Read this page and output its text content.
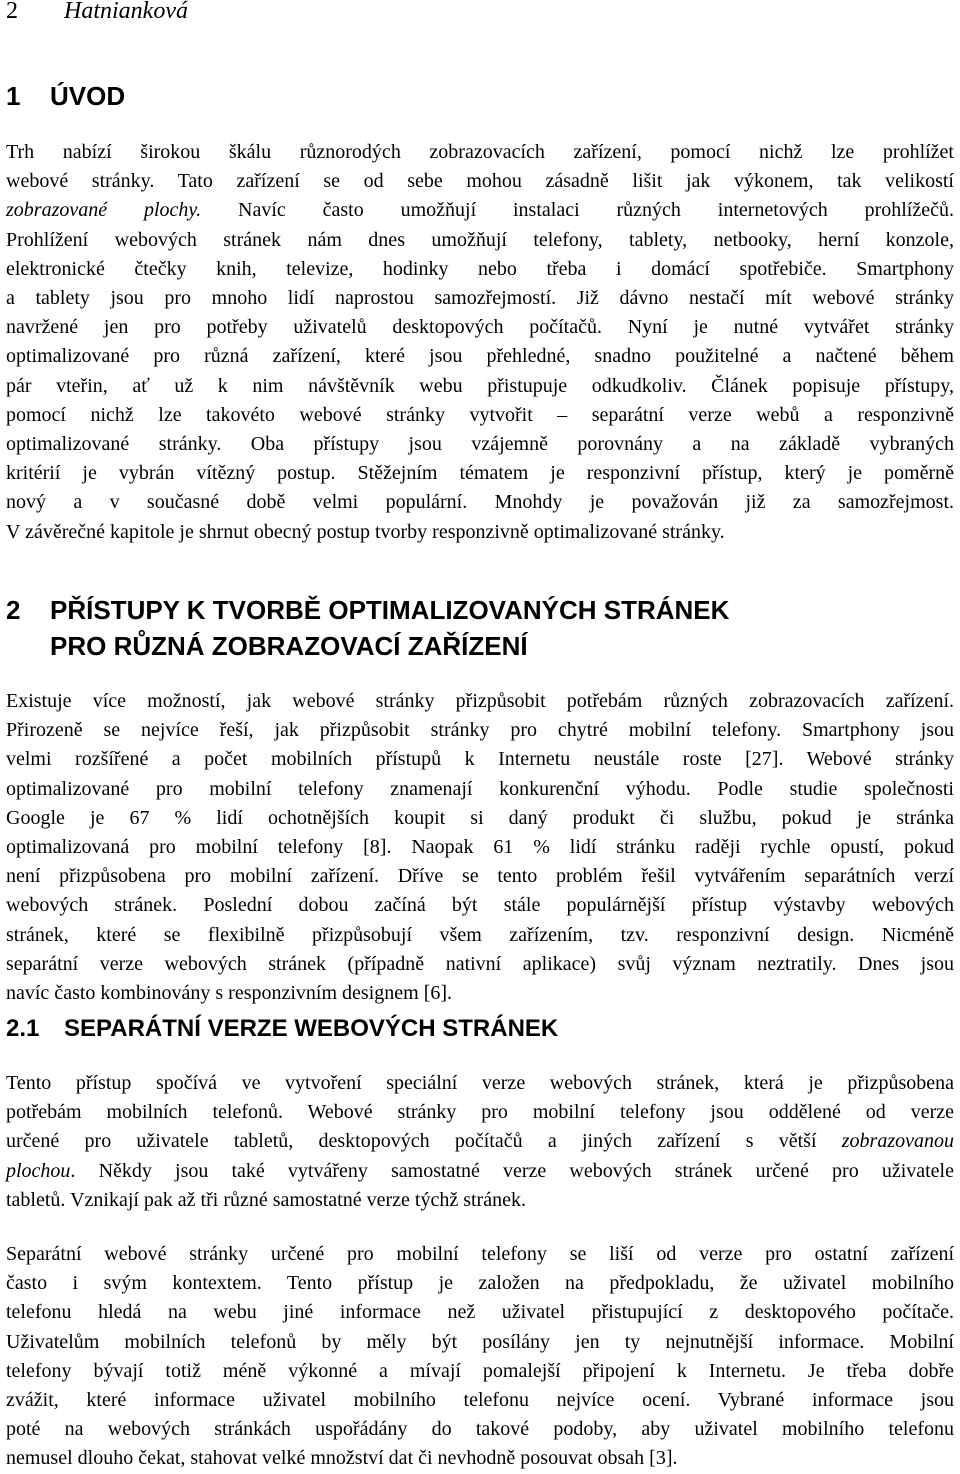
2 Hatnianková
1 ÚVOD
Trh nabízí širokou škálu různorodých zobrazovacích zařízení, pomocí nichž lze prohlížet
webové stránky. Tato zařízení se od sebe mohou zásadně lišit jak výkonem, tak velikostí
zobrazované plochy. Navíc často umožňují instalaci různých internetových prohlížečů.
Prohlížení webových stránek nám dnes umožňují telefony, tablety, netbooky, herní konzole,
elektronické čtečky knih, televize, hodinky nebo třeba i domácí spotřebiče. Smartphony
a tablety jsou pro mnoho lidí naprostou samozřejmostí. Již dávno nestačí mít webové stránky
navržené jen pro potřeby uživatelů desktopových počítačů. Nyní je nutné vytvářet stránky
optimalizované pro různá zařízení, které jsou přehledné, snadno použitelné a načtené během
pár vteřin, ať už k nim návštěvník webu přistupuje odkudkoliv. Článek popisuje přístupy,
pomocí nichž lze takovéto webové stránky vytvořit – separátní verze webů a responzivně
optimalizované stránky. Oba přístupy jsou vzájemně porovnány a na základě vybraných
kritérií je vybrán vítězný postup. Stěžejním tématem je responzivní přístup, který je poměrně
nový a v současné době velmi populární. Mnohdy je považován již za samozřejmost.
V závěrečné kapitole je shrnut obecný postup tvorby responzivně optimalizované stránky.
2	PŘÍSTUPY K TVORBĚ OPTIMALIZOVANÝCH STRÁNEK
PRO RŮZNÁ ZOBRAZOVACÍ ZAŘÍZENÍ
Existuje více možností, jak webové stránky přizpůsobit potřebám různých zobrazovacích zařízení.
Přirozeně se nejvíce řeší, jak přizpůsobit stránky pro chytré mobilní telefony. Smartphony jsou
velmi rozšířené a počet mobilních přístupů k Internetu neustále roste [27]. Webové stránky
optimalizované pro mobilní telefony znamenají konkurenční výhodu. Podle studie společnosti
Google je 67 % lidí ochotnějších koupit si daný produkt či službu, pokud je stránka
optimalizovaná pro mobilní telefony [8]. Naopak 61 % lidí stránku raději rychle opustí, pokud
není přizpůsobena pro mobilní zařízení. Dříve se tento problém řešil vytvářením separátních verzí
webových stránek. Poslední dobou začíná být stále populárnější přístup výstavby webových
stránek, které se flexibilně přizpůsobují všem zařízením, tzv. responzivní design. Nicméně
separátní verze webových stránek (případně nativní aplikace) svůj význam neztratily. Dnes jsou
navíc často kombinovány s responzivním designem [6].
2.1 SEPARÁTNÍ VERZE WEBOVÝCH STRÁNEK
Tento přístup spočívá ve vytvoření speciální verze webových stránek, která je přizpůsobena
potřebám mobilních telefonů. Webové stránky pro mobilní telefony jsou oddělené od verze
určené pro uživatele tabletů, desktopových počítačů a jiných zařízení s větší zobrazovanou
plochou. Někdy jsou také vytvářeny samostatné verze webových stránek určené pro uživatele
tabletů. Vznikají pak až tři různé samostatné verze týchž stránek.
Separátní webové stránky určené pro mobilní telefony se liší od verze pro ostatní zařízení
často i svým kontextem. Tento přístup je založen na předpokladu, že uživatel mobilního
telefonu hledá na webu jiné informace než uživatel přistupující z desktopového počítače.
Uživatelům mobilních telefonů by měly být posílány jen ty nejnutnější informace. Mobilní
telefony bývají totiž méně výkonné a mívají pomalejší připojení k Internetu. Je třeba dobře
zvážit, které informace uživatel mobilního telefonu nejvíce ocení. Vybrané informace jsou
poté na webových stránkách uspořádány do takové podoby, aby uživatel mobilního telefonu
nemusel dlouho čekat, stahovat velké množství dat či nevhodně posouvat obsah [3].
